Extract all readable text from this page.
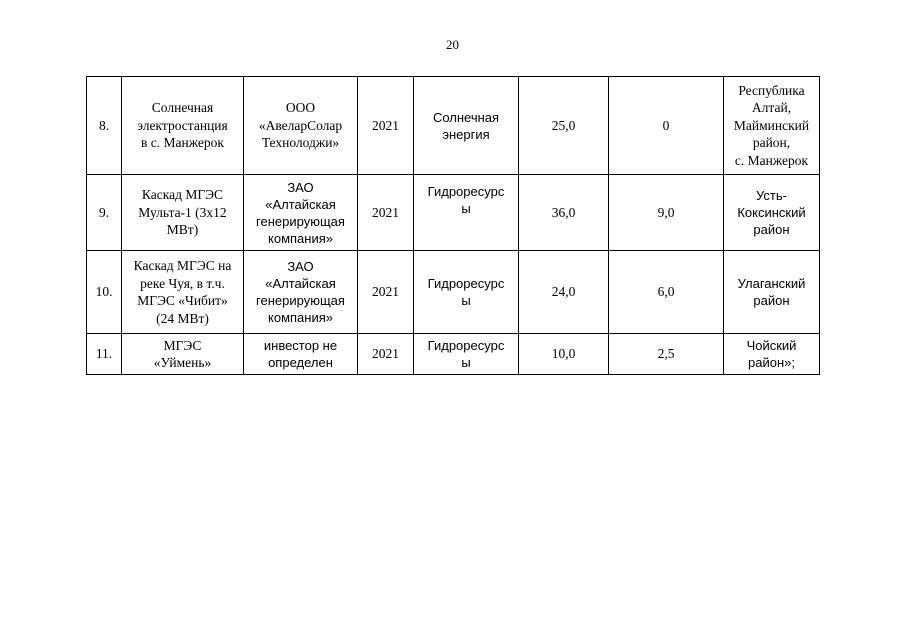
20
8.	Солнечная
электростанция
в с. Манжерок	ООО
«АвеларСолар
Технолоджи»	2021	Солнечная
энергия	25,0	0	Республика
Алтай,
Майминский
район,
с. Манжерок
9.	Каскад МГЭС
Мульта-1 (3х12
МВт)	ЗАО
«Алтайская
генерирующая
компания»	2021	Гидроресурс
ы	36,0	9,0	Усть-
Коксинский
район
10.	Каскад МГЭС на
реке Чуя, в т.ч.
МГЭС «Чибит»
(24 МВт)	ЗАО
«Алтайская
генерирующая
компания»	2021	Гидроресурс
ы	24,0	6,0	Улаганский
район
11.	МГЭС
«Уймень»	инвестор не
определен	2021	Гидроресурс
ы	10,0	2,5	Чойский
район»;
